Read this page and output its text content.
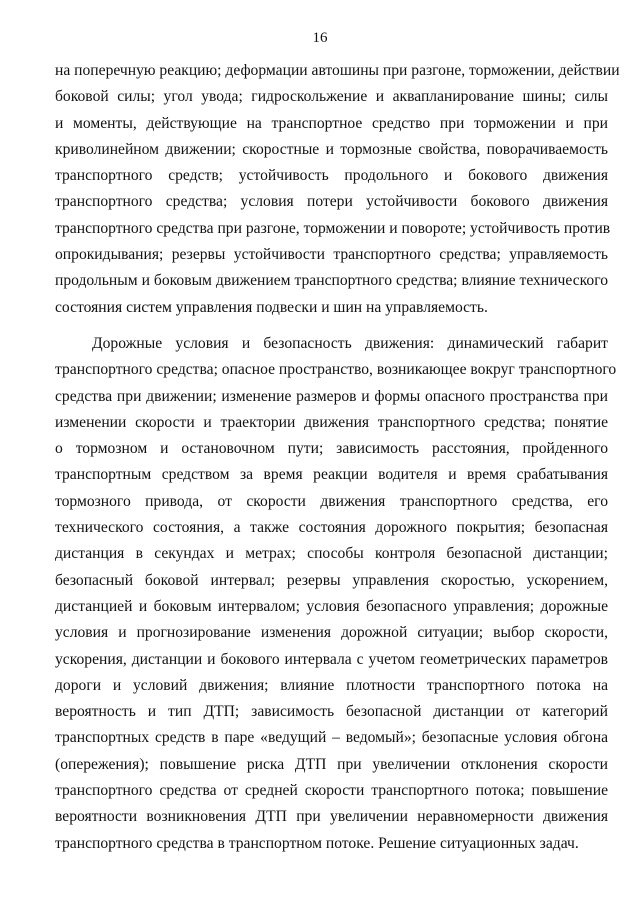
16
на поперечную реакцию; деформации автошины при разгоне, торможении, действии
боковой силы; угол увода; гидроскольжение и аквапланирование шины; силы
и моменты, действующие на транспортное средство при торможении и при
криволинейном движении; скоростные и тормозные свойства, поворачиваемость
транспортного средств; устойчивость продольного и бокового движения
транспортного средства; условия потери устойчивости бокового движения
транспортного средства при разгоне, торможении и повороте; устойчивость против
опрокидывания; резервы устойчивости транспортного средства; управляемость
продольным и боковым движением транспортного средства; влияние технического
состояния систем управления подвески и шин на управляемость.
Дорожные условия и безопасность движения: динамический габарит
транспортного средства; опасное пространство, возникающее вокруг транспортного
средства при движении; изменение размеров и формы опасного пространства при
изменении скорости и траектории движения транспортного средства; понятие
о тормозном и остановочном пути; зависимость расстояния, пройденного
транспортным средством за время реакции водителя и время срабатывания
тормозного привода, от скорости движения транспортного средства, его
технического состояния, а также состояния дорожного покрытия; безопасная
дистанция в секундах и метрах; способы контроля безопасной дистанции;
безопасный боковой интервал; резервы управления скоростью, ускорением,
дистанцией и боковым интервалом; условия безопасного управления; дорожные
условия и прогнозирование изменения дорожной ситуации; выбор скорости,
ускорения, дистанции и бокового интервала с учетом геометрических параметров
дороги и условий движения; влияние плотности транспортного потока на
вероятность и тип ДТП; зависимость безопасной дистанции от категорий
транспортных средств в паре «ведущий – ведомый»; безопасные условия обгона
(опережения); повышение риска ДТП при увеличении отклонения скорости
транспортного средства от средней скорости транспортного потока; повышение
вероятности возникновения ДТП при увеличении неравномерности движения
транспортного средства в транспортном потоке. Решение ситуационных задач.
